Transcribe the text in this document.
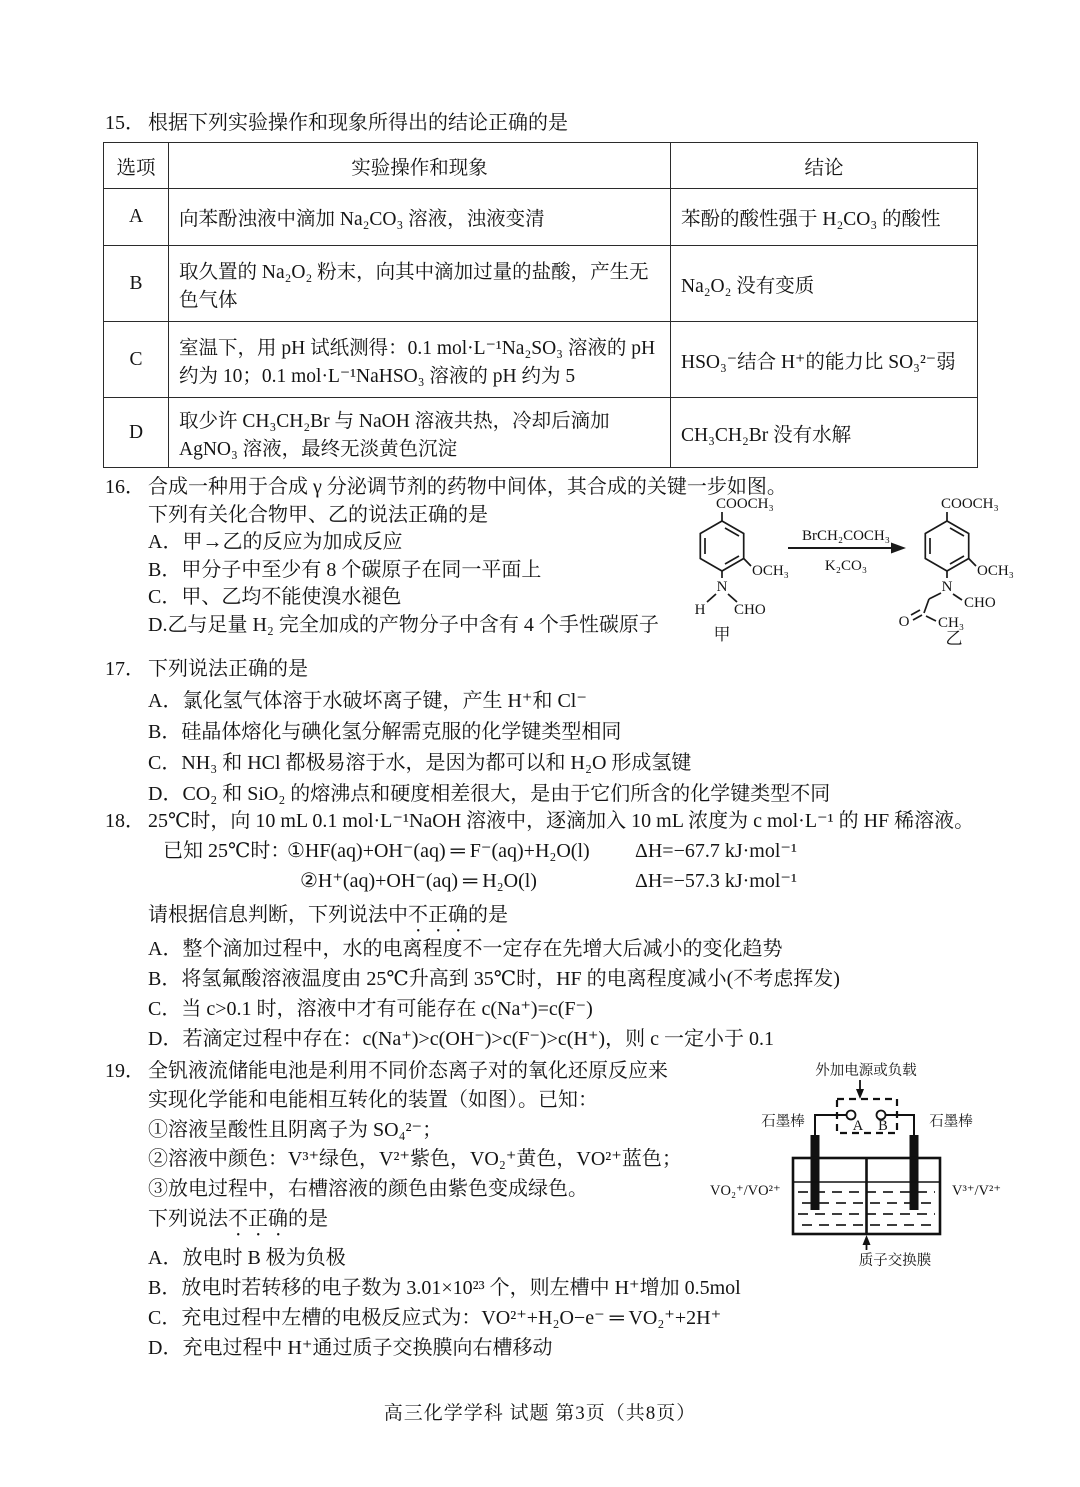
15． 根据下列实验操作和现象所得出的结论正确的是
选项	实验操作和现象	结论
A	向苯酚浊液中滴加 Na₂CO₃ 溶液，浊液变清	苯酚的酸性强于 H₂CO₃ 的酸性
B	取久置的 Na₂O₂ 粉末，向其中滴加过量的盐酸，产生无色气体	Na₂O₂ 没有变质
C	室温下，用 pH 试纸测得：0.1 mol·L⁻¹Na₂SO₃ 溶液的 pH 约为 10；0.1 mol·L⁻¹NaHSO₃ 溶液的 pH 约为 5	HSO₃⁻结合 H⁺的能力比 SO₃²⁻弱
D	取少许 CH₃CH₂Br 与 NaOH 溶液共热，冷却后滴加 AgNO₃ 溶液，最终无淡黄色沉淀	CH₃CH₂Br 没有水解
16． 合成一种用于合成 γ 分泌调节剂的药物中间体，其合成的关键一步如图。
下列有关化合物甲、乙的说法正确的是
A．甲→乙的反应为加成反应
B．甲分子中至少有 8 个碳原子在同一平面上
C．甲、乙均不能使溴水褪色
D.乙与足量 H₂ 完全加成的产物分子中含有 4 个手性碳原子
COOCH₃
OCH₃
N
H CHO
甲
BrCH₂COCH₃
K₂CO₃
COOCH₃
OCH₃
N
CHO
O CH₃
乙
17． 下列说法正确的是
A．氯化氢气体溶于水破坏离子键，产生 H⁺和 Cl⁻
B．硅晶体熔化与碘化氢分解需克服的化学键类型相同
C．NH₃ 和 HCl 都极易溶于水，是因为都可以和 H₂O 形成氢键
D．CO₂ 和 SiO₂ 的熔沸点和硬度相差很大，是由于它们所含的化学键类型不同
18． 25℃时，向 10 mL 0.1 mol·L⁻¹NaOH 溶液中，逐滴加入 10 mL 浓度为 c mol·L⁻¹ 的 HF 稀溶液。
已知 25℃时：
①HF(aq)+OH⁻(aq) ═ F⁻(aq)+H₂O(l) ΔH=−67.7 kJ·mol⁻¹
②H⁺(aq)+OH⁻(aq) ═ H₂O(l)	ΔH=−57.3 kJ·mol⁻¹
请根据信息判断，下列说法中不正确的是
A．整个滴加过程中，水的电离程度不一定存在先增大后减小的变化趋势
B．将氢氟酸溶液温度由 25℃升高到 35℃时，HF 的电离程度减小(不考虑挥发)
C．当 c>0.1 时，溶液中才有可能存在 c(Na⁺)=c(F⁻)
D．若滴定过程中存在：c(Na⁺)>c(OH⁻)>c(F⁻)>c(H⁺)，则 c 一定小于 0.1
19． 全钒液流储能电池是利用不同价态离子对的氧化还原反应来
实现化学能和电能相互转化的装置（如图）。已知：
①溶液呈酸性且阴离子为 SO₄²⁻；
②溶液中颜色：V³⁺绿色，V²⁺紫色，VO₂⁺黄色，VO²⁺蓝色；
③放电过程中，右槽溶液的颜色由紫色变成绿色。
下列说法不正确的是
A．放电时 B 极为负极
B．放电时若转移的电子数为 3.01×10²³ 个，则左槽中 H⁺增加 0.5mol
C．充电过程中左槽的电极反应式为：VO²⁺+H₂O−e⁻ ═ VO₂⁺+2H⁺
D．充电过程中 H⁺通过质子交换膜向右槽移动
外加电源或负载
A B
石墨棒	石墨棒
VO₂⁺/VO²⁺	V³⁺/V²⁺
质子交换膜
高三化学学科 试题 第3页（共8页）
